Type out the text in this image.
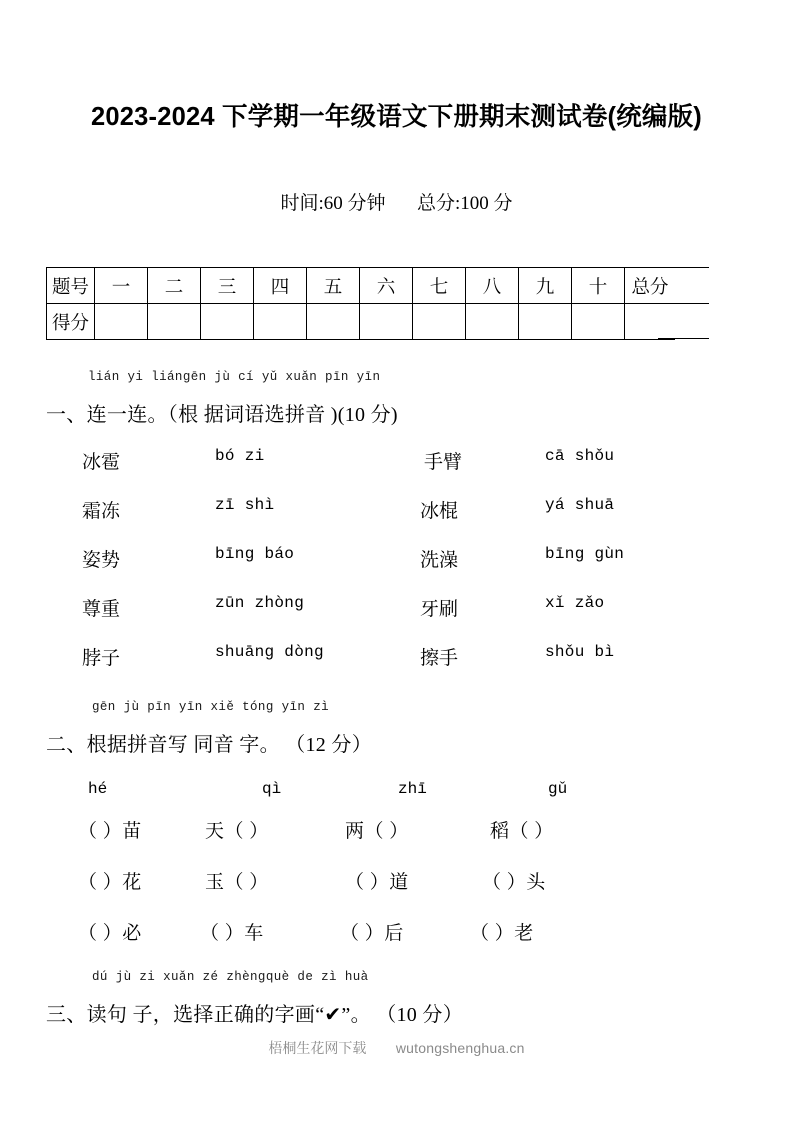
2023-2024 下学期一年级语文下册期末测试卷(统编版)
时间:60 分钟 总分:100 分
题号	一	二	三	四	五	六	七	八	九	十	总分
得分											
lián yi liángēn jù cí yǔ xuǎn pīn yīn
一、连一连。（根 据词语选拼音 )(10 分)
冰雹	bó zi	手臂	cā shǒu
霜冻	zī shì	冰棍	yá shuā
姿势	bīng báo	洗澡	bīng gùn
尊重	zūn zhòng	牙刷	xǐ zǎo
脖子	shuāng dòng	擦手	shǒu bì
gēn jù pīn yīn xiě tóng yīn zì
二、根据拼音写 同音 字。 （12 分）
hé	qì	zhī	gǔ
（ ）苗	天（ ）	两（ ）	稻（ ）
（ ）花	玉（ ）	（ ）道	（ ）头
（ ）必	（ ）车	（ ）后	（ ）老
dú jù zi xuǎn zé zhèngquè de zì huà
三、读句 子，选择正确的字画“✔”。 （10 分）
梧桐生花网下载 wutongshenghua.cn
